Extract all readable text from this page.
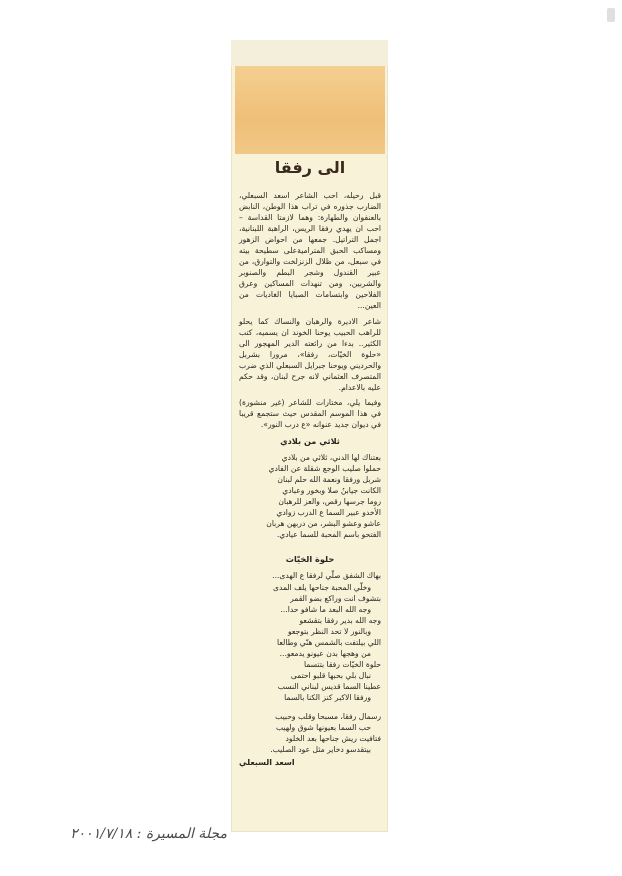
الى رفقا

قبل رحيله، احب الشاعر اسعد السبعلي، الضارب جذوره في تراب هذا الوطن، النابض بالعنفوان والطهارة: وهما لازمتا القداسة – احب ان يهدي رفقا الريس، الراهبة اللبنانية، اجمل التراتيل. جمعها من احواض الزهور ومساكب الحبق المتراميةعلى سطيحة بيته في سبعل، من ظلال الزنزلخت والتوارق، من عبير القندول وشجر البطم والصنوبر والشربين، ومن تنهدات المساكين وعرق الفلاحين وابتسامات الصبايا الغاديات من العين...

شاعر الاديرة والرهبان والنساك كما يحلو للراهب الحبيب يوحنا الخوند ان يسميه، كتب الكثير.. بدءا من رائعته الدير المهجور الى «حلوة الخيّات، رفقا»، مرورا بشربل والحرديني ويوحنا جبرايل السبعلي الذي ضرب المتصرف العثماني لانه جرح لبنان، وقد حكم عليه بالاعدام.

وفيما يلي، مختارات للشاعر (غير منشورة) في هذا الموسم المقدس حيث ستجمع قريبا في ديوان جديد عنوانه «ع درب النور».

ثلاثي من بلادي
بعتناك لها الدني، ثلاثي من بلادي
حملوا صليب الوجع شقلة عن الفادي
شربل ورفقا ونعمة الله حلم لبنان
الكانت جيابنُ صلا وبخور وعبادي
روما جرسها رقص، والعز للرهبان
الأخدو عبير السما ع الدرب زوادي
عاشو وعشو البشر، من دربهن هربان
الفتحو باسم المحبة للسما عيادي.
حلوة الخيّات
بهاك الشفق صلّي لرفقا ع الهدى...
وخلّي المحبة جناحها يلف المدى
بتشوف انت وراكع بضو القمر
وجه الله البعد ما شافو حدا...
وجه الله بدير رفقا بتقشعو
وبالنور لا تحد النظر بتوجعو
اللي بيلتفت بالشمس هنّي وطالعا
من وهجها بدن عيونو يدمعو...
حلوة الخيّات رفقا بتتسما
نبال بلي بحبها قلبو احتمى
عطينا السما قديس لبناني النسب
ورفقا الاكبر كنز الكنا بالسما
رسمال رفقا، مسبحا وقلب وحبيب
حب السما بعيونها شوق ولهيب
فتافيت ريش جناحها بعد الخلود
بيتقدسو دخاير مثل عود الصليب.
اسعد السبعلي
مجلة المسيرة : ٢٠٠١/٧/١٨
